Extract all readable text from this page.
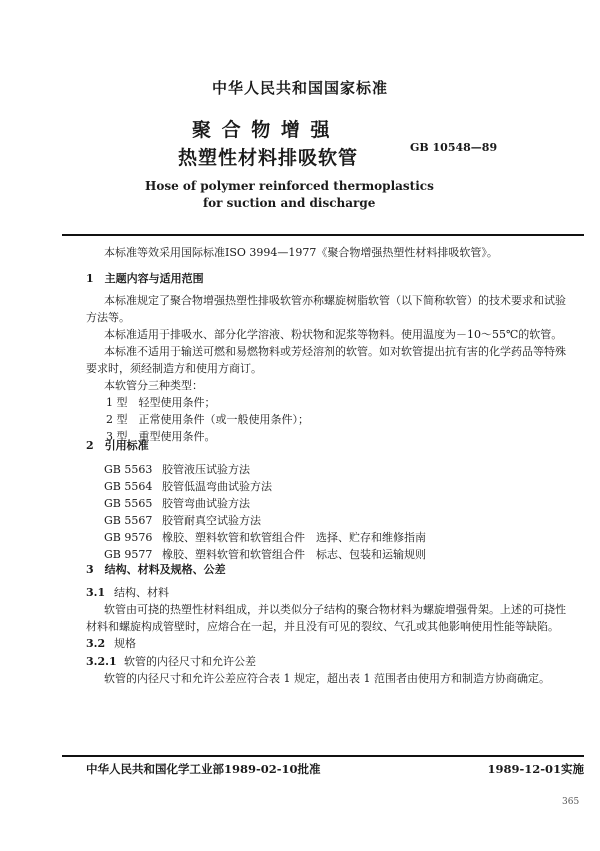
中华人民共和国国家标准
聚 合 物 增 强
热塑性材料排吸软管	GB 10548—89
Hose of polymer reinforced thermoplastics
for suction and discharge
本标准等效采用国际标准ISO 3994—1977《聚合物增强热塑性材料排吸软管》。
1　主题内容与适用范围
本标准规定了聚合物增强热塑性排吸软管亦称螺旋树脂软管（以下简称软管）的技术要求和试验
方法等。
本标准适用于排吸水、部分化学溶液、粉状物和泥浆等物料。使用温度为－10～55℃的软管。
本标准不适用于输送可燃和易燃物料或芳烃溶剂的软管。如对软管提出抗有害的化学药品等特殊
要求时，须经制造方和使用方商订。
本软管分三种类型：
1 型　轻型使用条件；
2 型　正常使用条件（或一般使用条件）；
3 型　重型使用条件。
2　引用标准
GB 5563 胶管液压试验方法
GB 5564 胶管低温弯曲试验方法
GB 5565 胶管弯曲试验方法
GB 5567 胶管耐真空试验方法
GB 9576 橡胶、塑料软管和软管组合件　选择、贮存和维修指南
GB 9577 橡胶、塑料软管和软管组合件　标志、包装和运输规则
3　结构、材料及规格、公差
3.1 结构、材料
软管由可挠的热塑性材料组成，并以类似分子结构的聚合物材料为螺旋增强骨架。上述的可挠性
材料和螺旋构成管壁时，应熔合在一起，并且没有可见的裂纹、气孔或其他影响使用性能等缺陷。
3.2 规格
3.2.1 软管的内径尺寸和允许公差
软管的内径尺寸和允许公差应符合表 1 规定，超出表 1 范围者由使用方和制造方协商确定。
中华人民共和国化学工业部1989-02-10批准	1989-12-01实施
365
